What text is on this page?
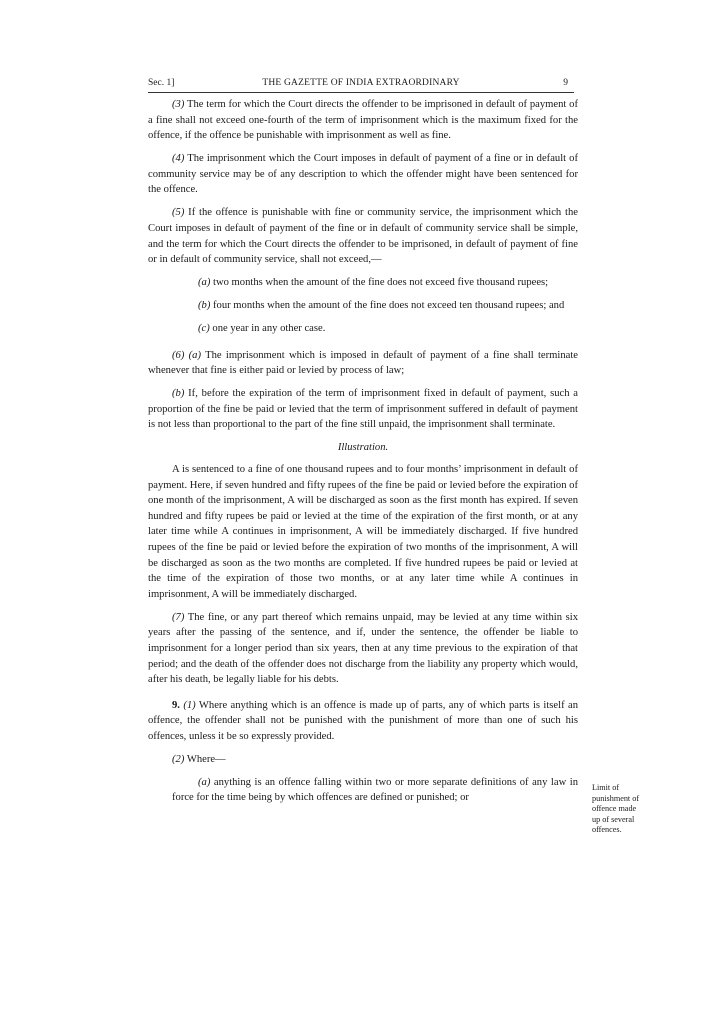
Sec. 1]	THE GAZETTE OF INDIA EXTRAORDINARY	9

(3) The term for which the Court directs the offender to be imprisoned in default of payment of a fine shall not exceed one-fourth of the term of imprisonment which is the maximum fixed for the offence, if the offence be punishable with imprisonment as well as fine.

(4) The imprisonment which the Court imposes in default of payment of a fine or in default of community service may be of any description to which the offender might have been sentenced for the offence.

(5) If the offence is punishable with fine or community service, the imprisonment which the Court imposes in default of payment of the fine or in default of community service shall be simple, and the term for which the Court directs the offender to be imprisoned, in default of payment of fine or in default of community service, shall not exceed,—

(a) two months when the amount of the fine does not exceed five thousand rupees;

(b) four months when the amount of the fine does not exceed ten thousand rupees; and

(c) one year in any other case.

(6) (a) The imprisonment which is imposed in default of payment of a fine shall terminate whenever that fine is either paid or levied by process of law;

(b) If, before the expiration of the term of imprisonment fixed in default of payment, such a proportion of the fine be paid or levied that the term of imprisonment suffered in default of payment is not less than proportional to the part of the fine still unpaid, the imprisonment shall terminate.

Illustration.

A is sentenced to a fine of one thousand rupees and to four months’ imprisonment in default of payment. Here, if seven hundred and fifty rupees of the fine be paid or levied before the expiration of one month of the imprisonment, A will be discharged as soon as the first month has expired. If seven hundred and fifty rupees be paid or levied at the time of the expiration of the first month, or at any later time while A continues in imprisonment, A will be immediately discharged. If five hundred rupees of the fine be paid or levied before the expiration of two months of the imprisonment, A will be discharged as soon as the two months are completed. If five hundred rupees be paid or levied at the time of the expiration of those two months, or at any later time while A continues in imprisonment, A will be immediately discharged.

(7) The fine, or any part thereof which remains unpaid, may be levied at any time within six years after the passing of the sentence, and if, under the sentence, the offender be liable to imprisonment for a longer period than six years, then at any time previous to the expiration of that period; and the death of the offender does not discharge from the liability any property which would, after his death, be legally liable for his debts.

9. (1) Where anything which is an offence is made up of parts, any of which parts is itself an offence, the offender shall not be punished with the punishment of more than one of such his offences, unless it be so expressly provided.

(2) Where—

(a) anything is an offence falling within two or more separate definitions of any law in force for the time being by which offences are defined or punished; or

Limit of
punishment of
offence made
up of several
offences.
